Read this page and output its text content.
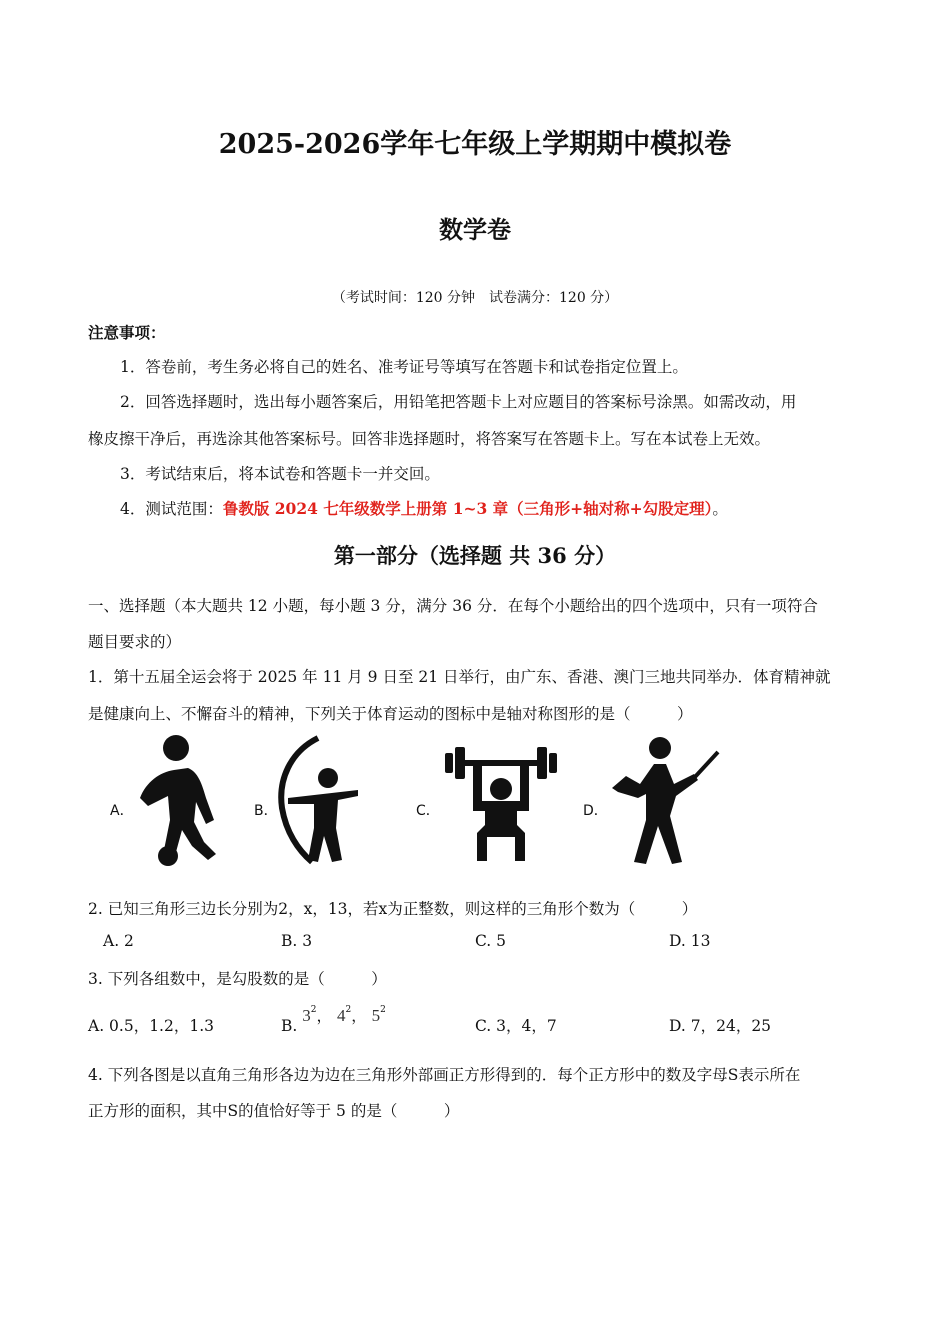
2025-2026学年七年级上学期期中模拟卷
数学卷
（考试时间：120 分钟　试卷满分：120 分）
注意事项：
1．答卷前，考生务必将自己的姓名、准考证号等填写在答题卡和试卷指定位置上。
2．回答选择题时，选出每小题答案后，用铅笔把答题卡上对应题目的答案标号涂黑。如需改动，用
橡皮擦干净后，再选涂其他答案标号。回答非选择题时，将答案写在答题卡上。写在本试卷上无效。
3．考试结束后，将本试卷和答题卡一并交回。
4．测试范围：鲁教版 2024 七年级数学上册第 1~3 章（三角形+轴对称+勾股定理）。
第一部分（选择题 共 36 分）
一、选择题（本大题共 12 小题，每小题 3 分，满分 36 分．在每个小题给出的四个选项中，只有一项符合
题目要求的）
1．第十五届全运会将于 2025 年 11 月 9 日至 21 日举行，由广东、香港、澳门三地共同举办．体育精神就
是健康向上、不懈奋斗的精神，下列关于体育运动的图标中是轴对称图形的是（　　　）
A．	B．	C．	D．
2. 已知三角形三边长分别为2，x，13，若x为正整数，则这样的三角形个数为（　　　）
A. 2	B. 3	C. 5	D. 13
3. 下列各组数中，是勾股数的是（　　　）
A. 0.5，1.2，1.3	B. $3^2$， $4^2$， $5^2$
C. 3，4，7	D. 7，24，25
4. 下列各图是以直角三角形各边为边在三角形外部画正方形得到的．每个正方形中的数及字母S表示所在
正方形的面积，其中S的值恰好等于 5 的是（　　　）
